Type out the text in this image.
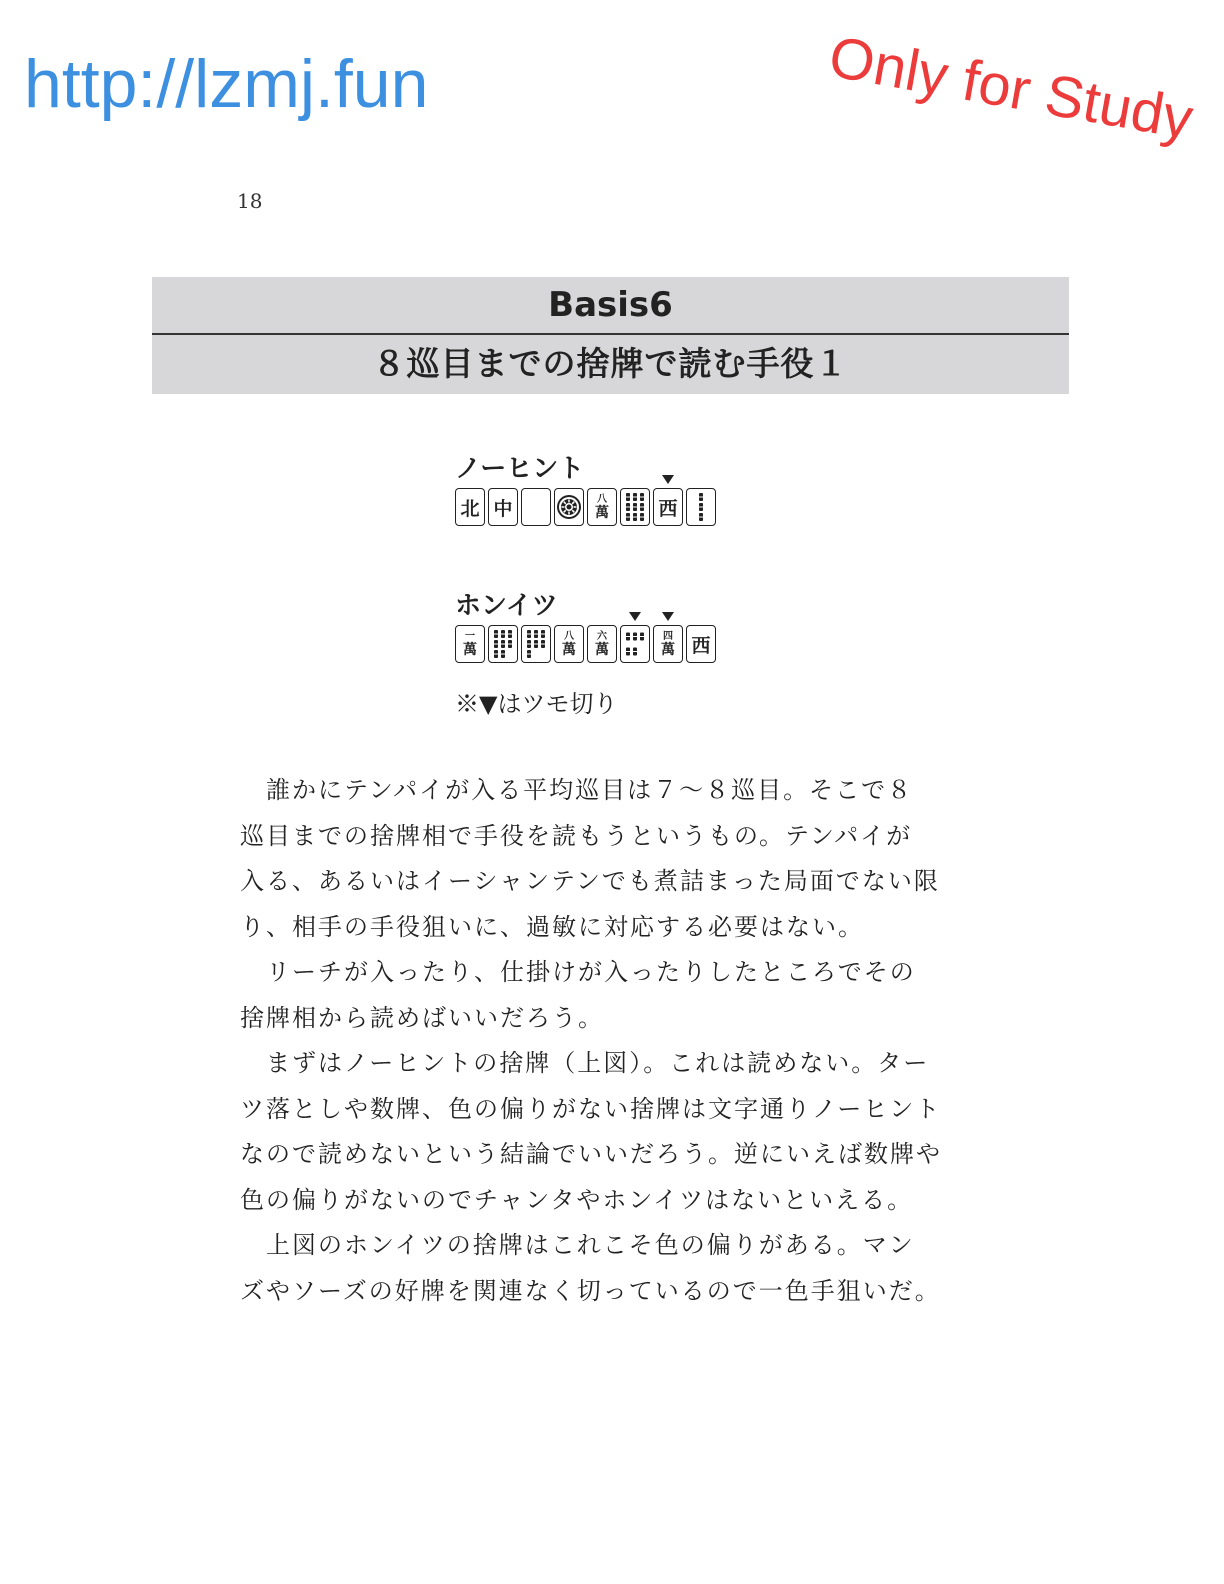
http://lzmj.fun	Only for Study
18
Basis6
８巡目までの捨牌で読む手役１
ノーヒント
北 中	八
萬	西
ホンイツ
一
萬
八
萬
六
萬
四
萬 西
※▼はツモ切り
　誰かにテンパイが入る平均巡目は７～８巡目。そこで８
巡目までの捨牌相で手役を読もうというもの。テンパイが
入る、あるいはイーシャンテンでも煮詰まった局面でない限
り、相手の手役狙いに、過敏に対応する必要はない。
　リーチが入ったり、仕掛けが入ったりしたところでその
捨牌相から読めばいいだろう。
　まずはノーヒントの捨牌（上図）。これは読めない。ター
ツ落としや数牌、色の偏りがない捨牌は文字通りノーヒント
なので読めないという結論でいいだろう。逆にいえば数牌や
色の偏りがないのでチャンタやホンイツはないといえる。
　上図のホンイツの捨牌はこれこそ色の偏りがある。マン
ズやソーズの好牌を関連なく切っているので一色手狙いだ。
